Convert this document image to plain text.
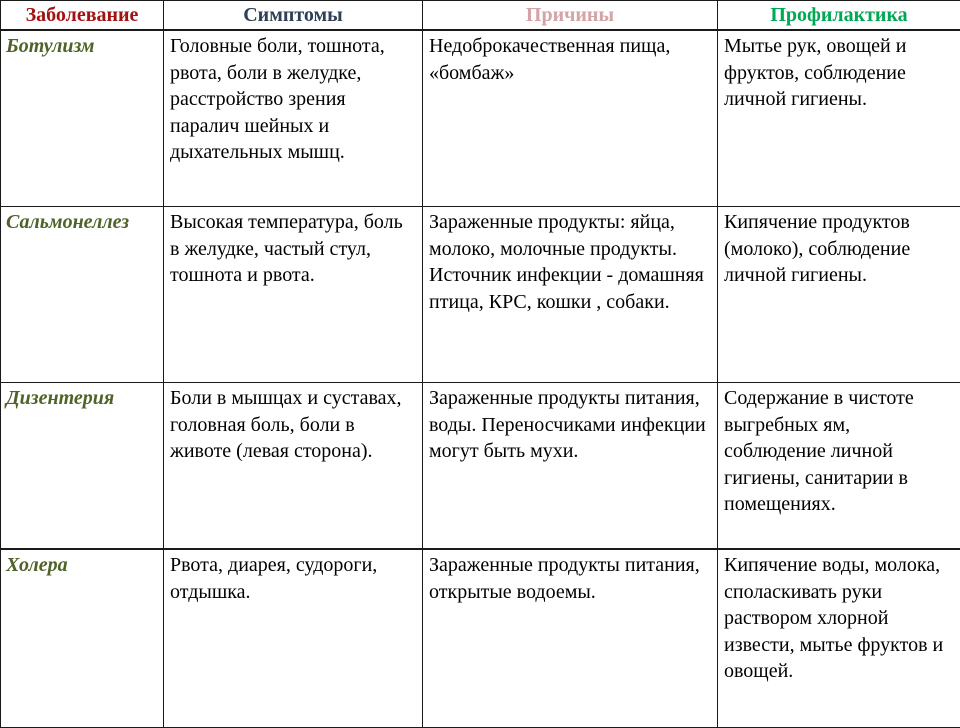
Заболевание	Симптомы	Причины	Профилактика
Ботулизм	Головные боли, тошнота, рвота, боли в желудке, расстройство зрения паралич шейных и дыхательных мышц.	Недоброкачественная пища, «бомбаж»	Мытье рук, овощей и фруктов, соблюдение личной гигиены.
Сальмонеллез	Высокая температура, боль в желудке, частый стул, тошнота и рвота.	Зараженные продукты: яйца, молоко, молочные продукты. Источник инфекции - домашняя птица, КРС, кошки , собаки.	Кипячение продуктов (молоко), соблюдение личной гигиены.
Дизентерия	Боли в мышцах и суставах, головная боль, боли в животе (левая сторона).	Зараженные продукты питания, воды. Переносчиками инфекции могут быть мухи.	Содержание в чистоте выгребных ям, соблюдение личной гигиены, санитарии в помещениях.
Холера	Рвота, диарея, судороги, отдышка.	Зараженные продукты питания, открытые водоемы.	Кипячение воды, молока, споласкивать руки раствором хлорной извести, мытье фруктов и овощей.
